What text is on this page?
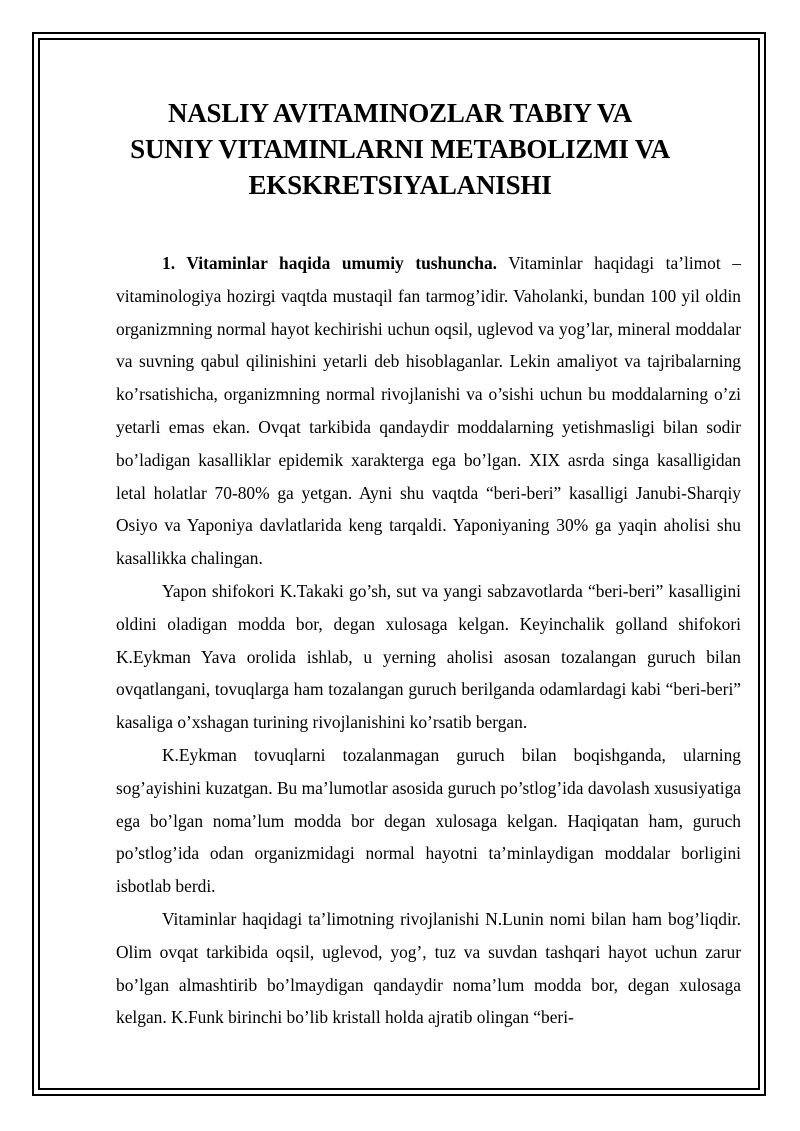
NASLIY AVITAMINOZLAR TABIY VA
SUNIY VITAMINLARNI METABOLIZMI VA
EKSKRETSIYALANISHI

1. Vitaminlar haqida umumiy tushuncha. Vitaminlar haqidagi ta’limot – vitaminologiya hozirgi vaqtda mustaqil fan tarmog’idir. Vaholanki, bundan 100 yil oldin organizmning normal hayot kechirishi uchun oqsil, uglevod va yog’lar, mineral moddalar va suvning qabul qilinishini yetarli deb hisoblaganlar. Lekin amaliyot va tajribalarning ko’rsatishicha, organizmning normal rivojlanishi va o’sishi uchun bu moddalarning o’zi yetarli emas ekan. Ovqat tarkibida qandaydir moddalarning yetishmasligi bilan sodir bo’ladigan kasalliklar epidemik xarakterga ega bo’lgan. XIX asrda singa kasalligidan letal holatlar 70-80% ga yetgan. Ayni shu vaqtda “beri-beri” kasalligi Janubi-Sharqiy Osiyo va Yaponiya davlatlarida keng tarqaldi. Yaponiyaning 30% ga yaqin aholisi shu kasallikka chalingan.

Yapon shifokori K.Takaki go’sh, sut va yangi sabzavotlarda “beri-beri” kasalligini oldini oladigan modda bor, degan xulosaga kelgan. Keyinchalik golland shifokori K.Eykman Yava orolida ishlab, u yerning aholisi asosan tozalangan guruch bilan ovqatlangani, tovuqlarga ham tozalangan guruch berilganda odamlardagi kabi “beri-beri” kasaliga o’xshagan turining rivojlanishini ko’rsatib bergan.

K.Eykman tovuqlarni tozalanmagan guruch bilan boqishganda, ularning sog’ayishini kuzatgan. Bu ma’lumotlar asosida guruch po’stlog’ida davolash xususiyatiga ega bo’lgan noma’lum modda bor degan xulosaga kelgan. Haqiqatan ham, guruch po’stlog’ida odan organizmidagi normal hayotni ta’minlaydigan moddalar borligini isbotlab berdi.

Vitaminlar haqidagi ta’limotning rivojlanishi N.Lunin nomi bilan ham bog’liqdir. Olim ovqat tarkibida oqsil, uglevod, yog’, tuz va suvdan tashqari hayot uchun zarur bo’lgan almashtirib bo’lmaydigan qandaydir noma’lum modda bor, degan xulosaga kelgan. K.Funk birinchi bo’lib kristall holda ajratib olingan “beri-
